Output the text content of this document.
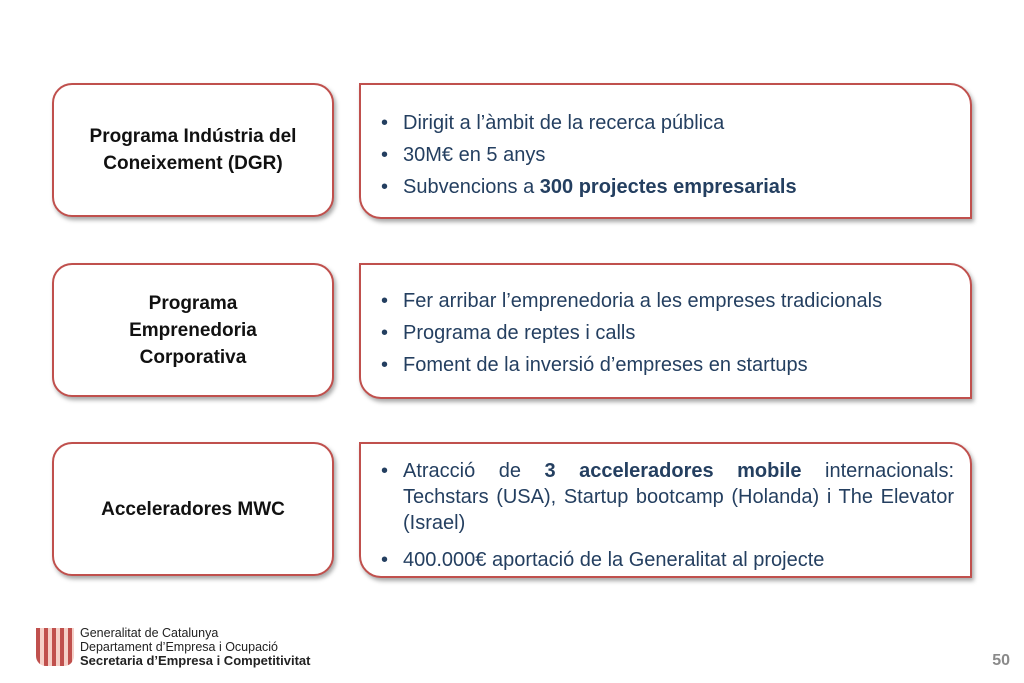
Programa Indústria del
Coneixement (DGR)
• Dirigit a l’àmbit de la recerca pública
• 30M€ en 5 anys
• Subvencions a 300 projectes empresarials
Programa
Emprenedoria
Corporativa
• Fer arribar l’emprenedoria a les empreses tradicionals
• Programa de reptes i calls
• Foment de la inversió d’empreses en startups
Acceleradores MWC
• Atracció de 3 acceleradores mobile internacionals: Techstars (USA), Startup bootcamp (Holanda) i The Elevator (Israel)
• 400.000€ aportació de la Generalitat al projecte
Generalitat de Catalunya
Departament d’Empresa i Ocupació
Secretaria d’Empresa i Competitivitat	50
